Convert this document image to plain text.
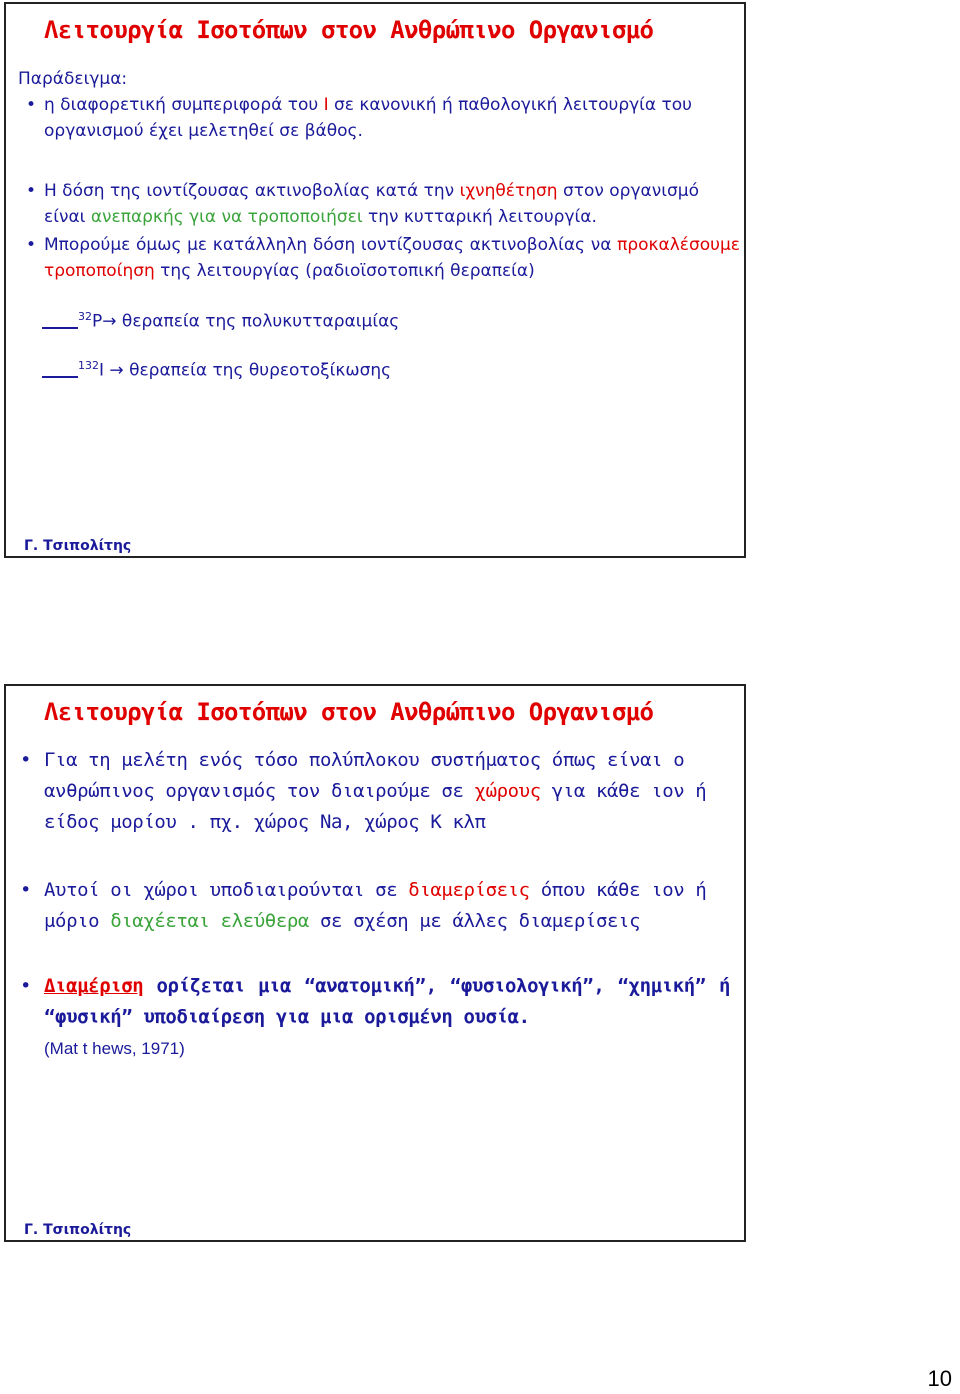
Λειτουργία Ισοτόπων στον Ανθρώπινο Οργανισμό

Παράδειγμα:

• η διαφορετική συμπεριφορά του I σε κανονική ή παθολογική λειτουργία του οργανισμού έχει μελετηθεί σε βάθος.

• Η δόση της ιοντίζουσας ακτινοβολίας κατά την ιχνηθέτηση στον οργανισμό είναι ανεπαρκής για να τροποποιήσει την κυτταρική λειτουργία.

• Μπορούμε όμως με κατάλληλη δόση ιοντίζουσας ακτινοβολίας να προκαλέσουμε τροποποίηση της λειτουργίας (ραδιοϊσοτοπική θεραπεία)

$^{32}$P→ θεραπεία της πολυκυτταραιμίας
$^{132}$I → θεραπεία της θυρεοτοξίκωσης

Γ. Τσιπολίτης

Λειτουργία Ισοτόπων στον Ανθρώπινο Οργανισμό
• Για τη μελέτη ενός τόσο πολύπλοκου συστήματος όπως είναι ο ανθρώπινος οργανισμός τον διαιρούμε σε χώρους για κάθε ιον ή είδος μορίου . πχ. χώρος Na, χώρος K κλπ

• Αυτοί οι χώροι υποδιαιρούνται σε διαμερίσεις όπου κάθε ιον ή μόριο διαχέεται ελεύθερα σε σχέση με άλλες διαμερίσεις

• Διαμέριση ορίζεται μια “ανατομική”, “φυσιολογική”, “χημική” ή “φυσική” υποδιαίρεση για μια ορισμένη ουσία.
(Mat t hews, 1971)

Γ. Τσιπολίτης

10
